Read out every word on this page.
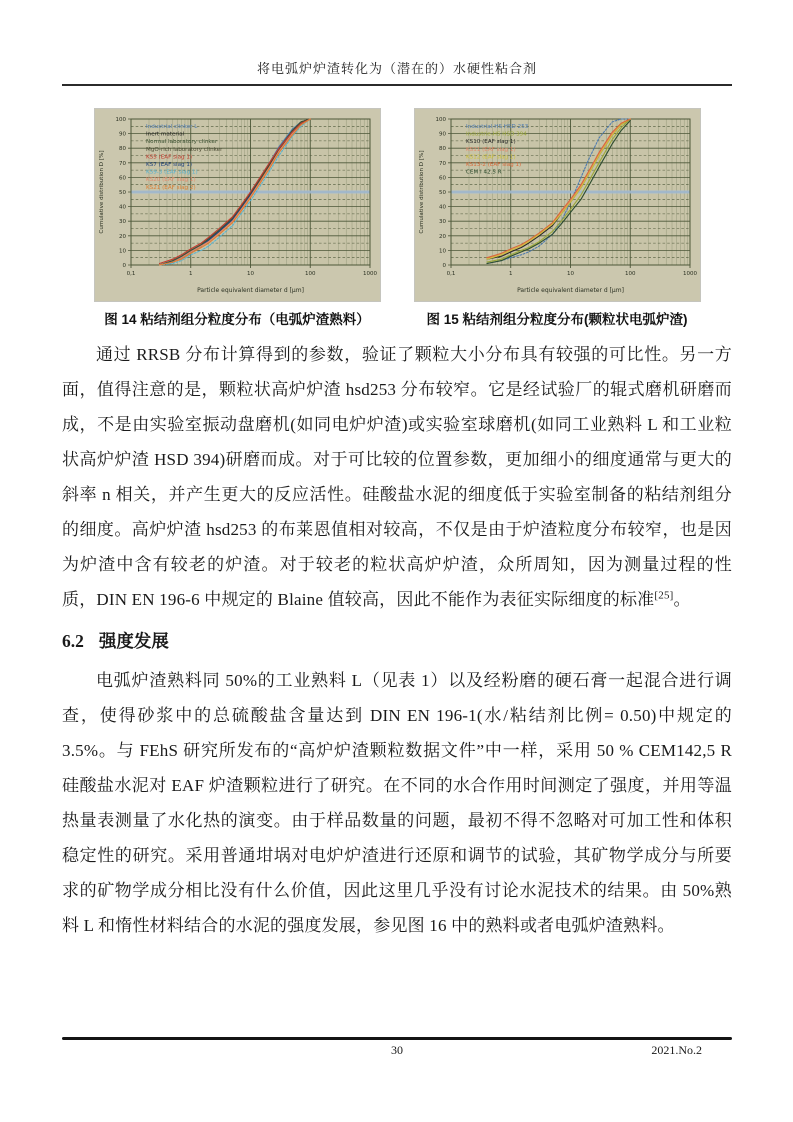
将电弧炉炉渣转化为（潜在的）水硬性粘合剂
Industrial clinker L
Inert material
Normal laboratory clinker
MgO-rich laboratory clinker
KS5 (EAF slag 1)
KS7 (EAF slag 1)
KS9-3 (EAF slag 1)
KS20 (EAF slag 1)
KS21 (EAF slag 2)
0
10
20
30
40
50
60
70
80
90
100
0,1	1	10	100	1000
Particle equivalent diameter d [μm]
Cumulative distribution D [%]
图 14 粘结剂组分粒度分布（电弧炉渣熟料）
Industrial-HS HSD 253
Industrie-HS HSD 394
KS10 (EAF slag 1)
KS11 (EAF slag 1)
KS12 (EAF slag 1)
KS13-2 (EAF slag 1)
CEM I 42.5 R
0
10
20
30
40
50
60
70
80
90
100
0,1	1	10	100	1000
Particle equivalent diameter d [μm]
Cumulative distribution D [%]
图 15 粘结剂组分粒度分布(颗粒状电弧炉渣)

通过 RRSB 分布计算得到的参数，验证了颗粒大小分布具有较强的可比性。另一方面，值得注意的是，颗粒状高炉炉渣 hsd253 分布较窄。它是经试验厂的辊式磨机研磨而成，不是由实验室振动盘磨机(如同电炉炉渣)或实验室球磨机(如同工业熟料 L 和工业粒状高炉炉渣 HSD 394)研磨而成。对于可比较的位置参数，更加细小的细度通常与更大的斜率 n 相关，并产生更大的反应活性。硅酸盐水泥的细度低于实验室制备的粘结剂组分的细度。高炉炉渣 hsd253 的布莱恩值相对较高，不仅是由于炉渣粒度分布较窄，也是因为炉渣中含有较老的炉渣。对于较老的粒状高炉炉渣，众所周知，因为测量过程的性质，DIN EN 196-6 中规定的 Blaine 值较高，因此不能作为表征实际细度的标准[25]。

6.2 强度发展

电弧炉渣熟料同 50%的工业熟料 L（见表 1）以及经粉磨的硬石膏一起混合进行调查，使得砂浆中的总硫酸盐含量达到 DIN EN 196-1(水/粘结剂比例= 0.50)中规定的 3.5%。与 FEhS 研究所发布的“高炉炉渣颗粒数据文件”中一样，采用 50 % CEM142,5 R 硅酸盐水泥对 EAF 炉渣颗粒进行了研究。在不同的水合作用时间测定了强度，并用等温热量表测量了水化热的演变。由于样品数量的问题，最初不得不忽略对可加工性和体积稳定性的研究。采用普通坩埚对电炉炉渣进行还原和调节的试验，其矿物学成分与所要求的矿物学成分相比没有什么价值，因此这里几乎没有讨论水泥技术的结果。由 50%熟料 L 和惰性材料结合的水泥的强度发展，参见图 16 中的熟料或者电弧炉渣熟料。

30	2021.No.2
